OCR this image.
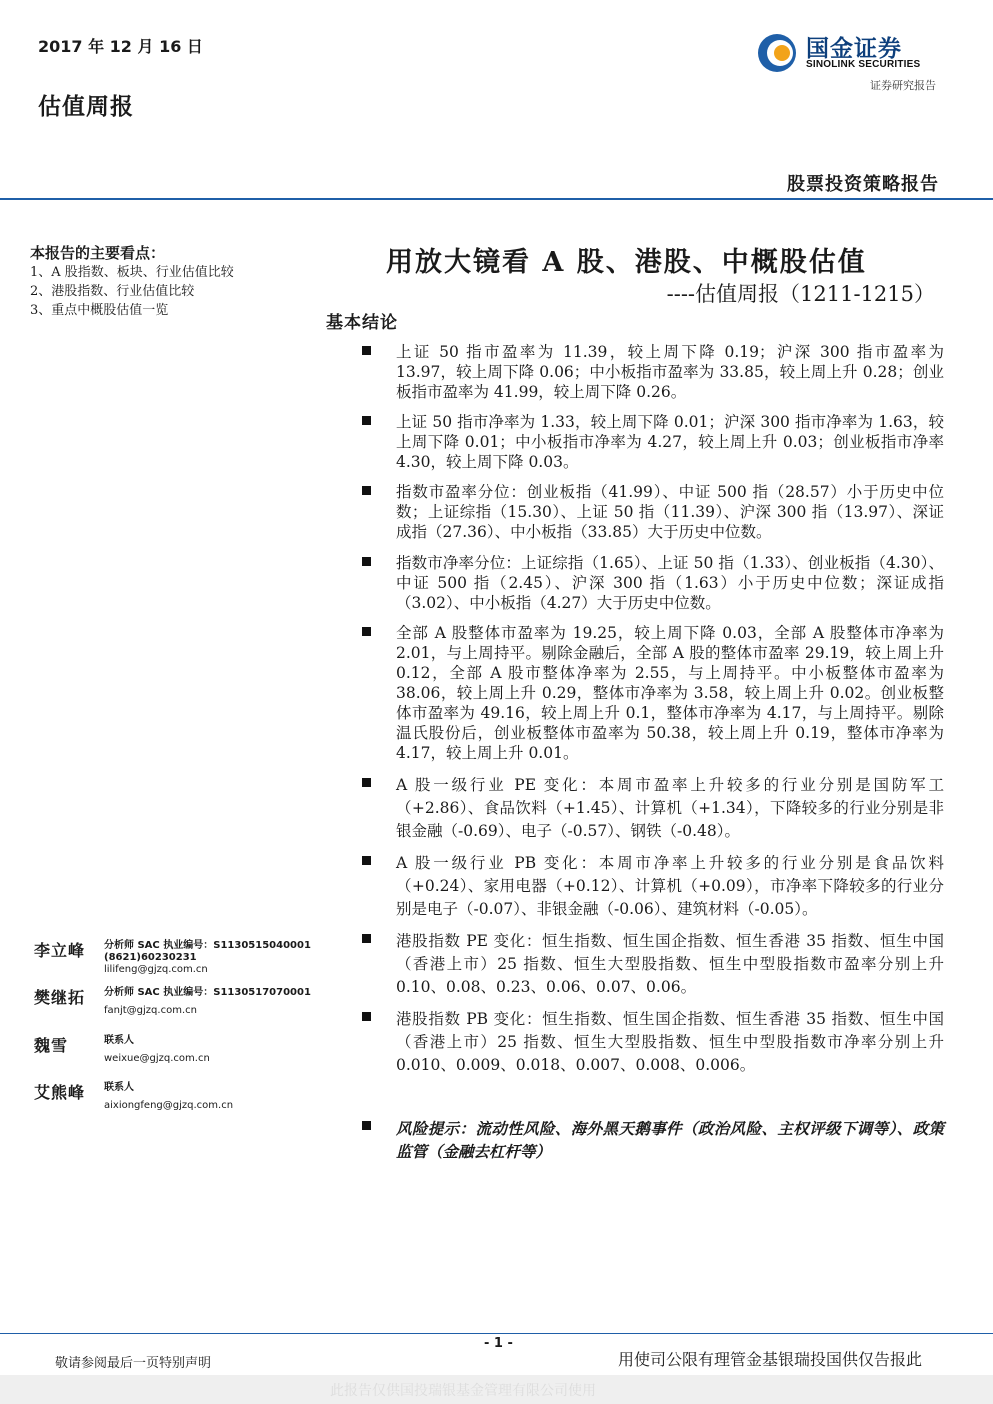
2017 年 12 月 16 日
估值周报
国金证券
SINOLINK SECURITIES
证券研究报告
股票投资策略报告
本报告的主要看点：
1、A 股指数、板块、行业估值比较
2、港股指数、行业估值比较
3、重点中概股估值一览
李立峰 分析师 SAC 执业编号：S1130515040001
(8621)60230231
lilifeng@gjzq.com.cn
樊继拓 分析师 SAC 执业编号：S1130517070001
fanjt@gjzq.com.cn
魏雪	联系人
weixue@gjzq.com.cn
艾熊峰 联系人
aixiongfeng@gjzq.com.cn
用放大镜看 A 股、港股、中概股估值
----估值周报（1211-1215）
基本结论
上证 50 指市盈率为 11.39，较上周下降 0.19；沪深 300 指市盈率为 13.97，较上周下降 0.06；中小板指市盈率为 33.85，较上周上升 0.28；创业板指市盈率为 41.99，较上周下降 0.26。
上证 50 指市净率为 1.33，较上周下降 0.01；沪深 300 指市净率为 1.63，较上周下降 0.01；中小板指市净率为 4.27，较上周上升 0.03；创业板指市净率 4.30，较上周下降 0.03。
指数市盈率分位：创业板指（41.99）、中证 500 指（28.57）小于历史中位数；上证综指（15.30）、上证 50 指（11.39）、沪深 300 指（13.97）、深证成指（27.36）、中小板指（33.85）大于历史中位数。
指数市净率分位：上证综指（1.65）、上证 50 指（1.33）、创业板指（4.30）、中证 500 指（2.45）、沪深 300 指（1.63）小于历史中位数；深证成指（3.02）、中小板指（4.27）大于历史中位数。
全部 A 股整体市盈率为 19.25，较上周下降 0.03，全部 A 股整体市净率为 2.01，与上周持平。剔除金融后，全部 A 股的整体市盈率 29.19，较上周上升 0.12，全部 A 股市整体净率为 2.55，与上周持平。中小板整体市盈率为 38.06，较上周上升 0.29，整体市净率为 3.58，较上周上升 0.02。创业板整体市盈率为 49.16，较上周上升 0.1，整体市净率为 4.17，与上周持平。剔除温氏股份后，创业板整体市盈率为 50.38，较上周上升 0.19，整体市净率为 4.17，较上周上升 0.01。
A 股一级行业 PE 变化：本周市盈率上升较多的行业分别是国防军工（+2.86）、食品饮料（+1.45）、计算机（+1.34），下降较多的行业分别是非银金融（-0.69）、电子（-0.57）、钢铁（-0.48）。
A 股一级行业 PB 变化：本周市净率上升较多的行业分别是食品饮料（+0.24）、家用电器（+0.12）、计算机（+0.09），市净率下降较多的行业分别是电子（-0.07）、非银金融（-0.06）、建筑材料（-0.05）。
港股指数 PE 变化：恒生指数、恒生国企指数、恒生香港 35 指数、恒生中国（香港上市）25 指数、恒生大型股指数、恒生中型股指数市盈率分别上升 0.10、0.08、0.23、0.06、0.07、0.06。
港股指数 PB 变化：恒生指数、恒生国企指数、恒生香港 35 指数、恒生中国（香港上市）25 指数、恒生大型股指数、恒生中型股指数市净率分别上升 0.010、0.009、0.018、0.007、0.008、0.006。
风险提示：流动性风险、海外黑天鹅事件（政治风险、主权评级下调等）、政策监管（金融去杠杆等）
- 1 -
敬请参阅最后一页特别声明	用使司公限有理管金基银瑞投国供仅告报此
此报告仅供国投瑞银基金管理有限公司使用
